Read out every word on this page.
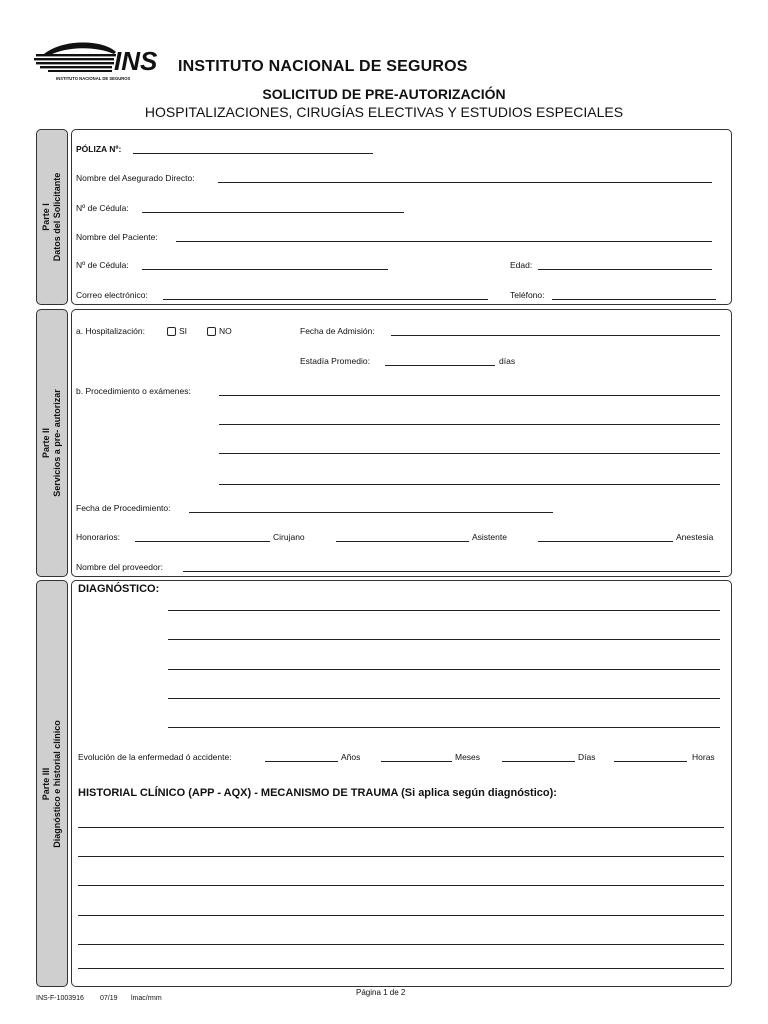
INS
INSTITUTO NACIONAL DE SEGUROS
INSTITUTO NACIONAL DE SEGUROS
SOLICITUD DE PRE-AUTORIZACIÓN
HOSPITALIZACIONES, CIRUGÍAS ELECTIVAS Y ESTUDIOS ESPECIALES
Parte I
Datos del Solicitante
PÓLIZA Nº:
Nombre del Asegurado Directo:
Nº de Cédula:
Nombre del Paciente:
Nº de Cédula:	Edad:
Correo electrónico:	Teléfono:
Parte II
Servicios a pre- autorizar
a. Hospitalización:	SI	NO	Fecha de Admisión:
Estadía Promedio:	días
b. Procedimiento o exámenes:
Fecha de Procedimiento:
Honorarios:	Cirujano	Asistente	Anestesia
Nombre del proveedor:
Parte III
Diagnóstico e historial clínico
DIAGNÓSTICO:
Evolución de la enfermedad ó accidente:	Años	Meses	Días	Horas
HISTORIAL CLÍNICO (APP - AQX) - MECANISMO DE TRAUMA (Si aplica según diagnóstico):
INS-F-1003916 07/19 lmac/rmm
Página 1 de 2
